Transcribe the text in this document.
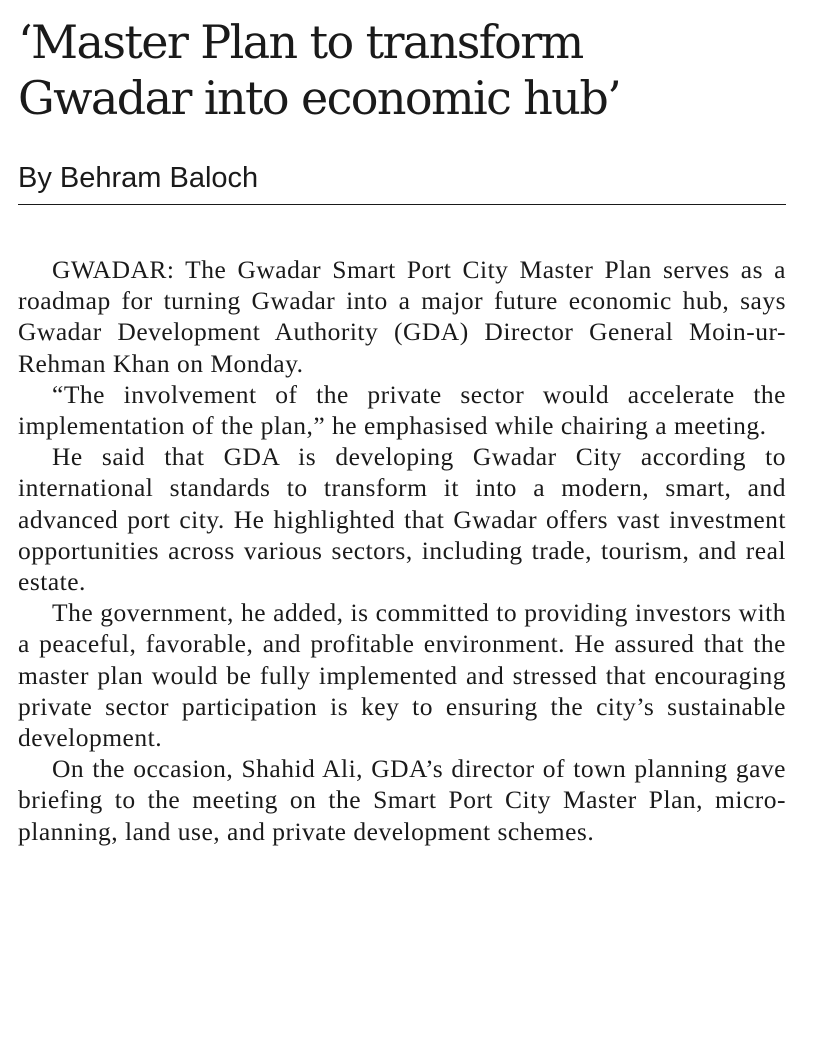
‘Master Plan to transform
Gwadar into economic hub’
By Behram Baloch

GWADAR: The Gwadar Smart Port City Master Plan serves as a roadmap for turning Gwadar into a major future economic hub, says Gwadar Development Authority (GDA) Director General Moin-ur-Rehman Khan on Monday.

“The involvement of the private sector would accelerate the implementation of the plan,” he emphasised while chairing a meeting.

He said that GDA is developing Gwadar City according to international standards to transform it into a modern, smart, and advanced port city. He highlighted that Gwadar offers vast investment opportunities across various sectors, including trade, tourism, and real estate.

The government, he added, is committed to providing investors with a peaceful, favorable, and profitable environment. He assured that the master plan would be fully implemented and stressed that encouraging private sector participation is key to ensuring the city’s sustainable development.

On the occasion, Shahid Ali, GDA’s director of town planning gave briefing to the meeting on the Smart Port City Master Plan, micro-planning, land use, and private development schemes.
